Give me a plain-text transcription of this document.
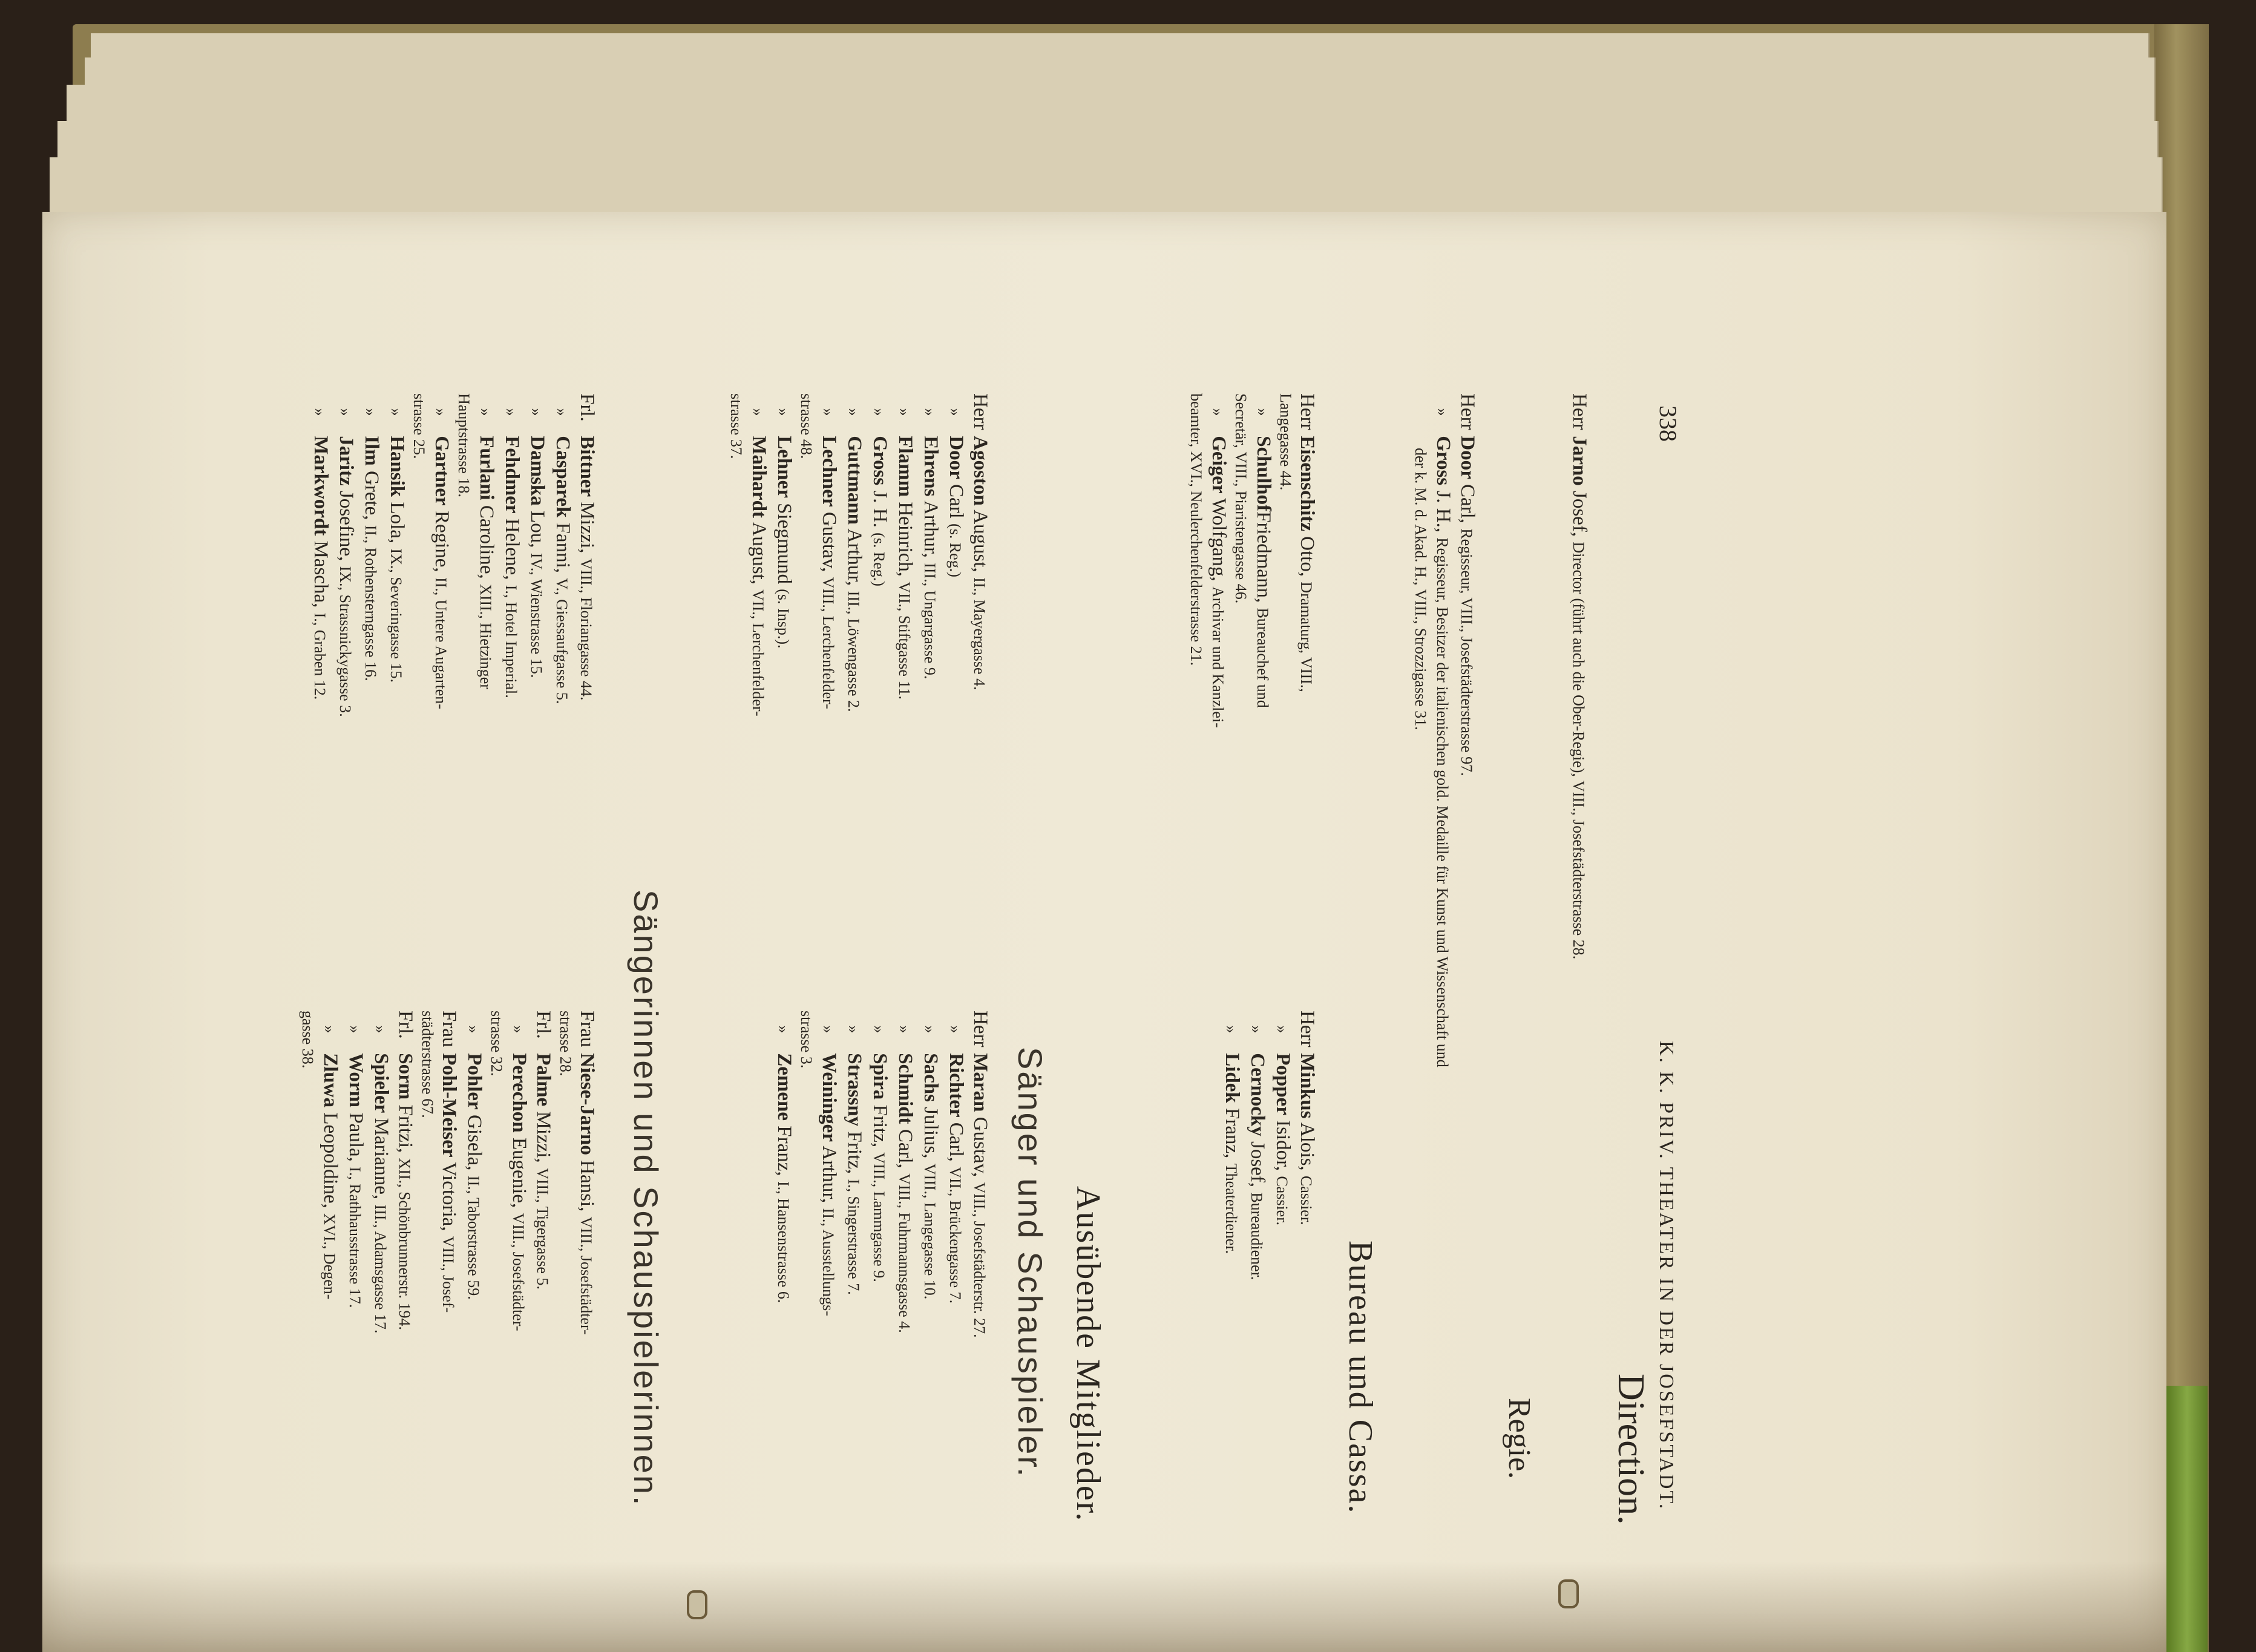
338
K. K. PRIV. THEATER IN DER JOSEFSTADT.
Direction.
Herr Jarno Josef, Director (führt auch die Ober-Regie), VIII., Josefstädterstrasse 28.
Regie.
Herr Door Carl, Regisseur, VIII., Josefstädterstrasse 97.
» Gross J. H., Regisseur, Besitzer der italienischen gold. Medaille für Kunst und Wissenschaft und
der k. M. d. Akad. H., VIII., Strozzigasse 31.
Bureau und Cassa.
Herr Eisenschitz Otto, Dramaturg, VIII.,
Langegasse 44.
» SchulhofFriedmann, Bureauchef und
Secretär, VIII., Piaristengasse 46.
» Geiger Wolfgang, Archivar und Kanzlei-
beamter, XVI., Neulerchenfelderstrasse 21.
Herr Minkus Alois, Cassier.
» Popper Isidor, Cassier.
» Cernocky Josef, Bureaudiener.
» Lidek Franz, Theaterdiener.
Ausübende Mitglieder.
Sänger und Schauspieler.
Herr Agoston August, II., Mayergasse 4.
» Door Carl (s. Reg.)
» Ehrens Arthur, III., Ungargasse 9.
» Flamm Heinrich, VII., Stiftgasse 11.
» Gross J. H. (s. Reg.)
» Guttmann Arthur, III., Löwengasse 2.
» Lechner Gustav, VIII., Lerchenfelder-
strasse 48.
» Lehner Siegmund (s. Insp.).
» Maihardt August, VII., Lerchenfelder-
strasse 37.
Herr Maran Gustav, VIII., Josefstädterstr. 27.
» Richter Carl, VII., Brückengasse 7.
» Sachs Julius, VIII., Langegasse 10.
» Schmidt Carl, VIII., Fuhrmannsgasse 4.
» Spira Fritz, VIII., Lammgasse 9.
» Strassny Fritz, I., Singerstrasse 7.
» Weininger Arthur, II., Ausstellungs-
strasse 3.
» Zemene Franz, I., Hansenstrasse 6.
Sängerinnen und Schauspielerinnen.
Frl. Bittner Mizzi, VIII., Floriangasse 44.
» Casparek Fanni, V., Giessaufgasse 5.
» Damska Lou, IV., Wienstrasse 15.
» Fehdmer Helene, I., Hotel Imperial.
» Furlani Caroline, XIII., Hietzinger
Hauptstrasse 18.
» Gartner Regine, II., Untere Augarten-
strasse 25.
» Hansik Lola, IX., Severingasse 15.
» Ilm Grete, II., Rothensterngasse 16.
» Jaritz Josefine, IX., Strassnickygasse 3.
» Markwordt Mascha, I., Graben 12.
Frau Niese-Jarno Hansi, VIII., Josefstädter-
strasse 28.
Frl. Palme Mizzi, VIII., Tigergasse 5.
» Perechon Eugenie, VIII., Josefstädter-
strasse 32.
» Pohler Gisela, II., Taborstrasse 59.
Frau Pohl-Meiser Victoria, VIII., Josef-
städterstrasse 67.
Frl. Sorm Fritzi, XII., Schönbrunnerstr. 194.
» Spieler Marianne, III., Adamsgasse 17.
» Worm Paula, I., Rathhausstrasse 17.
» Zluwa Leopoldine, XVI., Degen-
gasse 38.
